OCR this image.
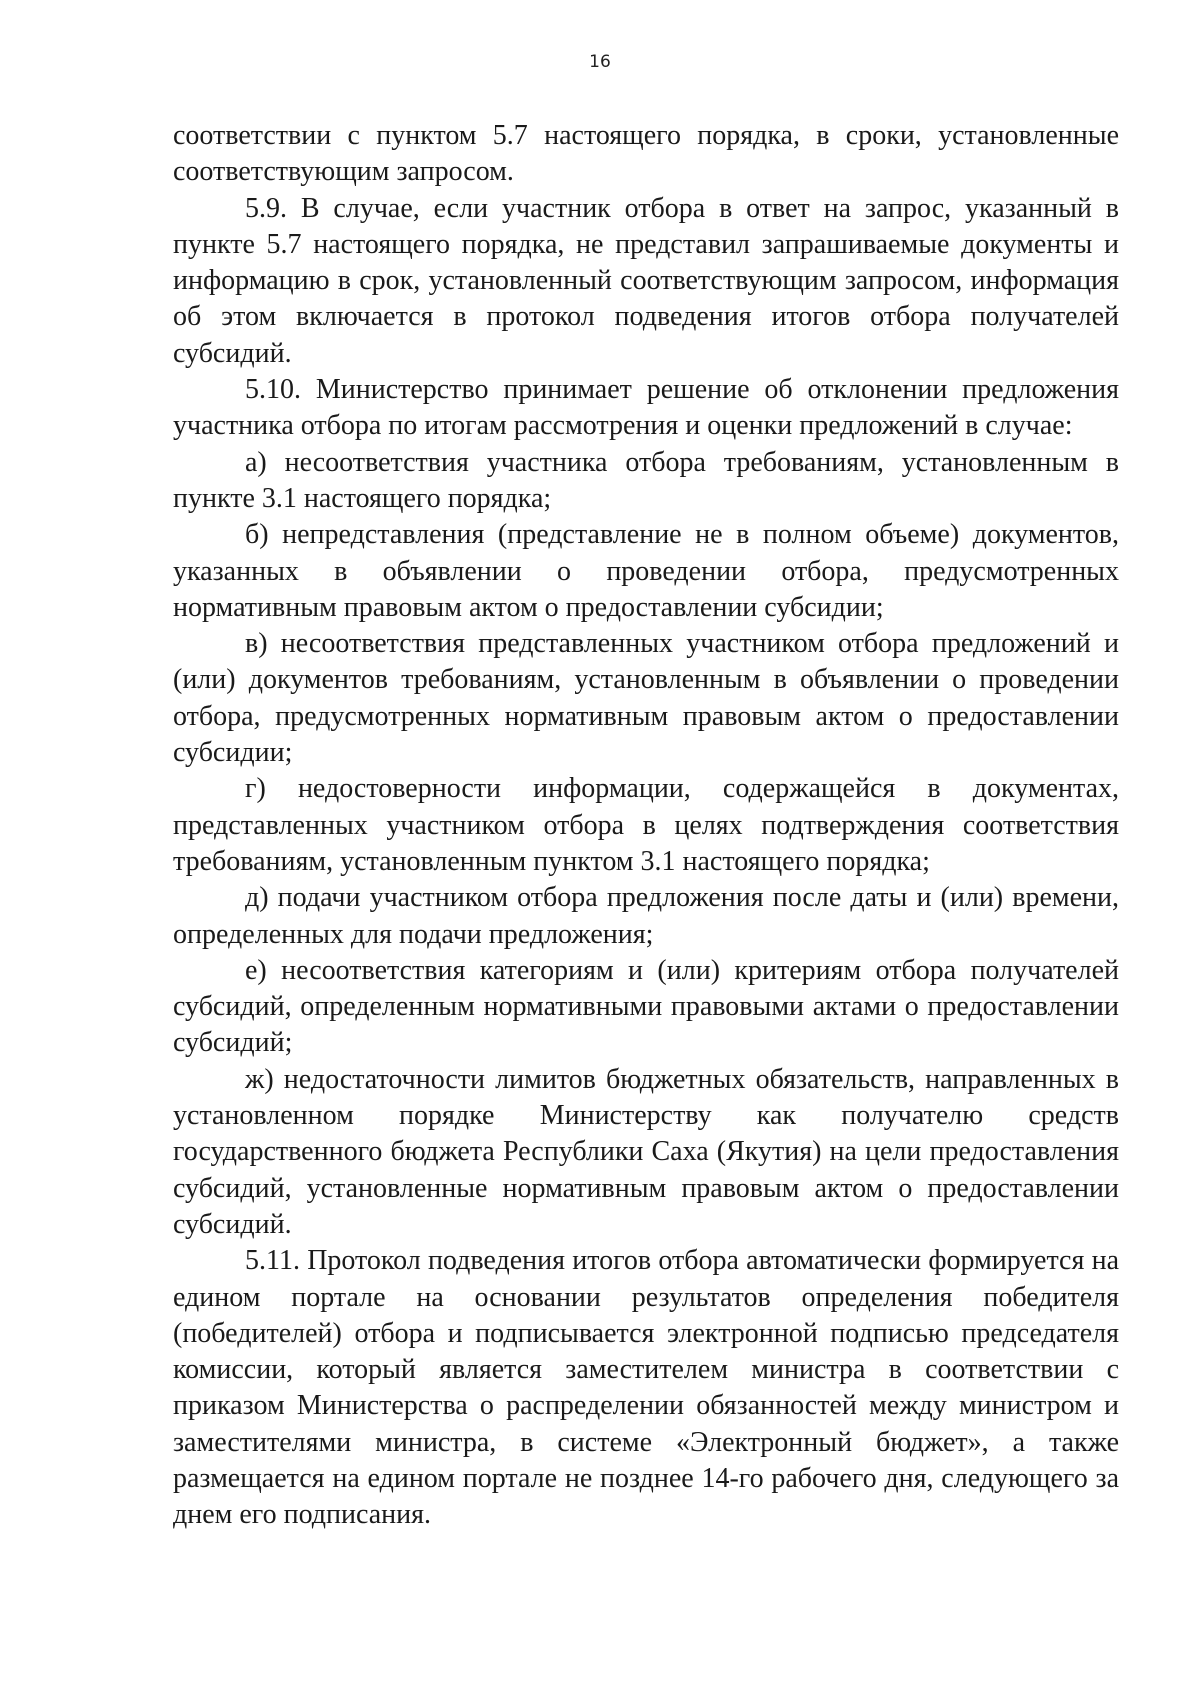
16

соответствии с пунктом 5.7 настоящего порядка, в сроки, установленные соответствующим запросом.

5.9. В случае, если участник отбора в ответ на запрос, указанный в пункте 5.7 настоящего порядка, не представил запрашиваемые документы и информацию в срок, установленный соответствующим запросом, информация об этом включается в протокол подведения итогов отбора получателей субсидий.

5.10. Министерство принимает решение об отклонении предложения участника отбора по итогам рассмотрения и оценки предложений в случае:

а) несоответствия участника отбора требованиям, установленным в пункте 3.1 настоящего порядка;

б) непредставления (представление не в полном объеме) документов, указанных в объявлении о проведении отбора, предусмотренных нормативным правовым актом о предоставлении субсидии;

в) несоответствия представленных участником отбора предложений и (или) документов требованиям, установленным в объявлении о проведении отбора, предусмотренных нормативным правовым актом о предоставлении субсидии;

г) недостоверности информации, содержащейся в документах, представленных участником отбора в целях подтверждения соответствия требованиям, установленным пунктом 3.1 настоящего порядка;

д) подачи участником отбора предложения после даты и (или) времени, определенных для подачи предложения;

е) несоответствия категориям и (или) критериям отбора получателей субсидий, определенным нормативными правовыми актами о предоставлении субсидий;

ж) недостаточности лимитов бюджетных обязательств, направленных в установленном порядке Министерству как получателю средств государственного бюджета Республики Саха (Якутия) на цели предоставления субсидий, установленные нормативным правовым актом о предоставлении субсидий.

5.11. Протокол подведения итогов отбора автоматически формируется на едином портале на основании результатов определения победителя (победителей) отбора и подписывается электронной подписью председателя комиссии, который является заместителем министра в соответствии с приказом Министерства о распределении обязанностей между министром и заместителями министра, в системе «Электронный бюджет», а также размещается на едином портале не позднее 14-го рабочего дня, следующего за днем его подписания.
